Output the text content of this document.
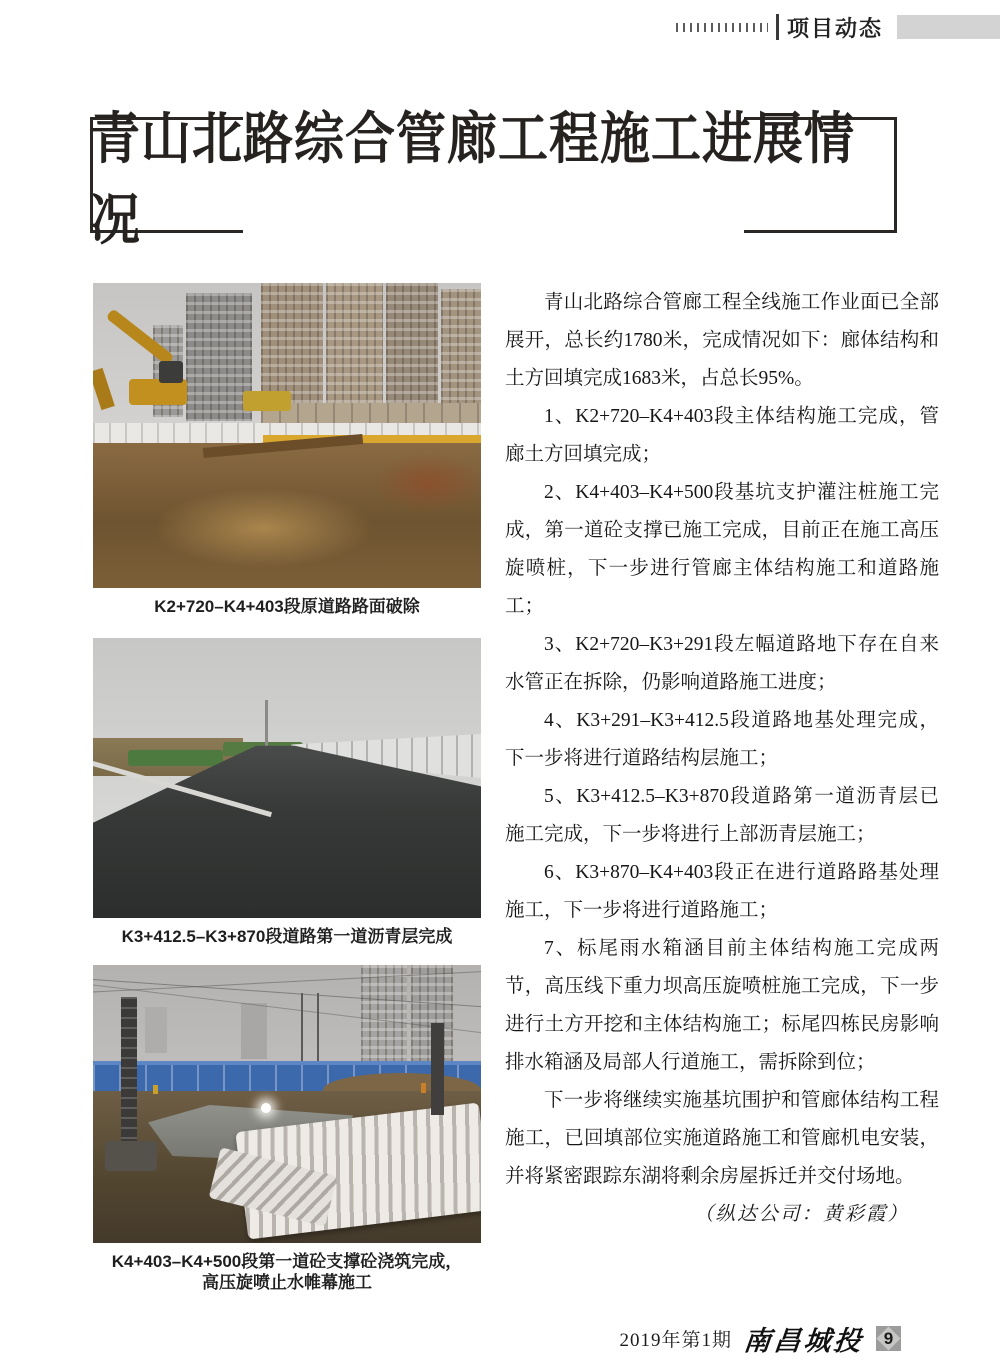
项目动态
青山北路综合管廊工程施工进展情况
K2+720–K4+403段原道路路面破除
K3+412.5–K3+870段道路第一道沥青层完成
K4+403–K4+500段第一道砼支撑砼浇筑完成，
高压旋喷止水帷幕施工

青山北路综合管廊工程全线施工作业面已全部展开，总长约1780米，完成情况如下：廊体结构和土方回填完成1683米，占总长95%。

1、K2+720–K4+403段主体结构施工完成，管廊土方回填完成；

2、K4+403–K4+500段基坑支护灌注桩施工完成，第一道砼支撑已施工完成，目前正在施工高压旋喷桩，下一步进行管廊主体结构施工和道路施工；

3、K2+720–K3+291段左幅道路地下存在自来水管正在拆除，仍影响道路施工进度；

4、K3+291–K3+412.5段道路地基处理完成，下一步将进行道路结构层施工；

5、K3+412.5–K3+870段道路第一道沥青层已施工完成，下一步将进行上部沥青层施工；

6、K3+870–K4+403段正在进行道路路基处理施工，下一步将进行道路施工；

7、标尾雨水箱涵目前主体结构施工完成两节，高压线下重力坝高压旋喷桩施工完成，下一步进行土方开挖和主体结构施工；标尾四栋民房影响排水箱涵及局部人行道施工，需拆除到位；

下一步将继续实施基坑围护和管廊体结构工程施工，已回填部位实施道路施工和管廊机电安装，并将紧密跟踪东湖将剩余房屋拆迁并交付场地。

（纵达公司：黄彩霞）

2019年第1期 南昌城投 9
